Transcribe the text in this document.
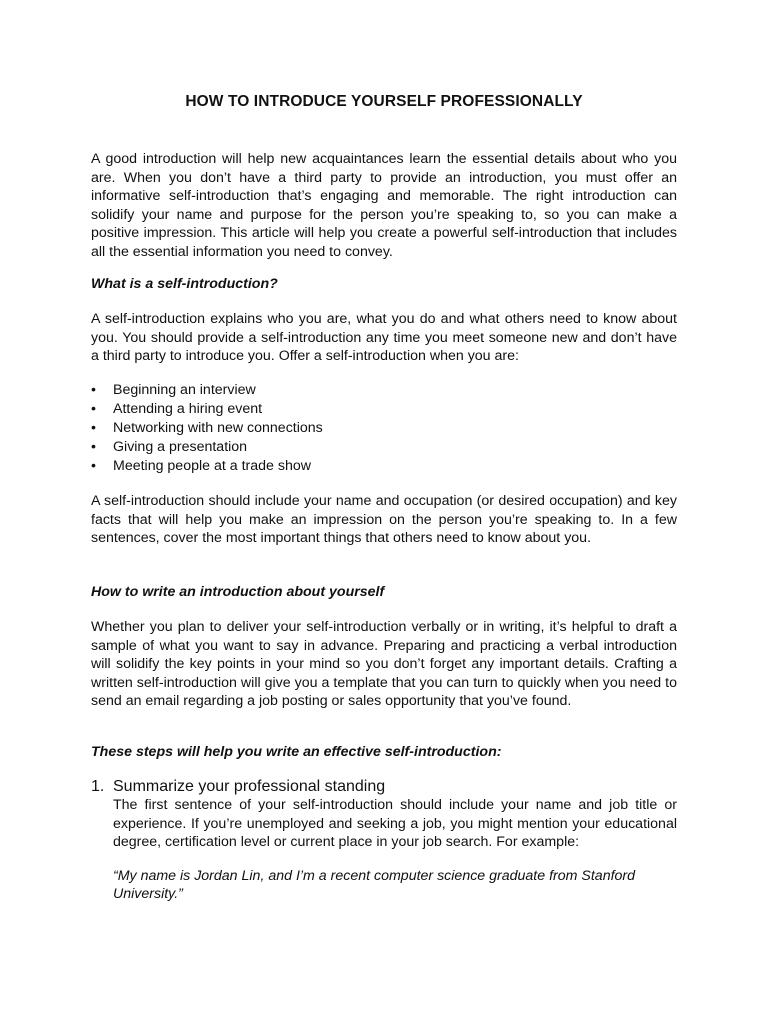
HOW TO INTRODUCE YOURSELF PROFESSIONALLY

A good introduction will help new acquaintances learn the essential details about who you are. When you don’t have a third party to provide an introduction, you must offer an informative self-introduction that’s engaging and memorable. The right introduction can solidify your name and purpose for the person you’re speaking to, so you can make a positive impression. This article will help you create a powerful self-introduction that includes all the essential information you need to convey.

What is a self-introduction?

A self-introduction explains who you are, what you do and what others need to know about you. You should provide a self-introduction any time you meet someone new and don’t have a third party to introduce you. Offer a self-introduction when you are:

• Beginning an interview
• Attending a hiring event
• Networking with new connections
• Giving a presentation
• Meeting people at a trade show

A self-introduction should include your name and occupation (or desired occupation) and key facts that will help you make an impression on the person you’re speaking to. In a few sentences, cover the most important things that others need to know about you.

How to write an introduction about yourself

Whether you plan to deliver your self-introduction verbally or in writing, it’s helpful to draft a sample of what you want to say in advance. Preparing and practicing a verbal introduction will solidify the key points in your mind so you don’t forget any important details. Crafting a written self-introduction will give you a template that you can turn to quickly when you need to send an email regarding a job posting or sales opportunity that you’ve found.

These steps will help you write an effective self-introduction:
1. Summarize your professional standing

The first sentence of your self-introduction should include your name and job title or experience. If you’re unemployed and seeking a job, you might mention your educational degree, certification level or current place in your job search. For example:

“My name is Jordan Lin, and I’m a recent computer science graduate from Stanford University.”
